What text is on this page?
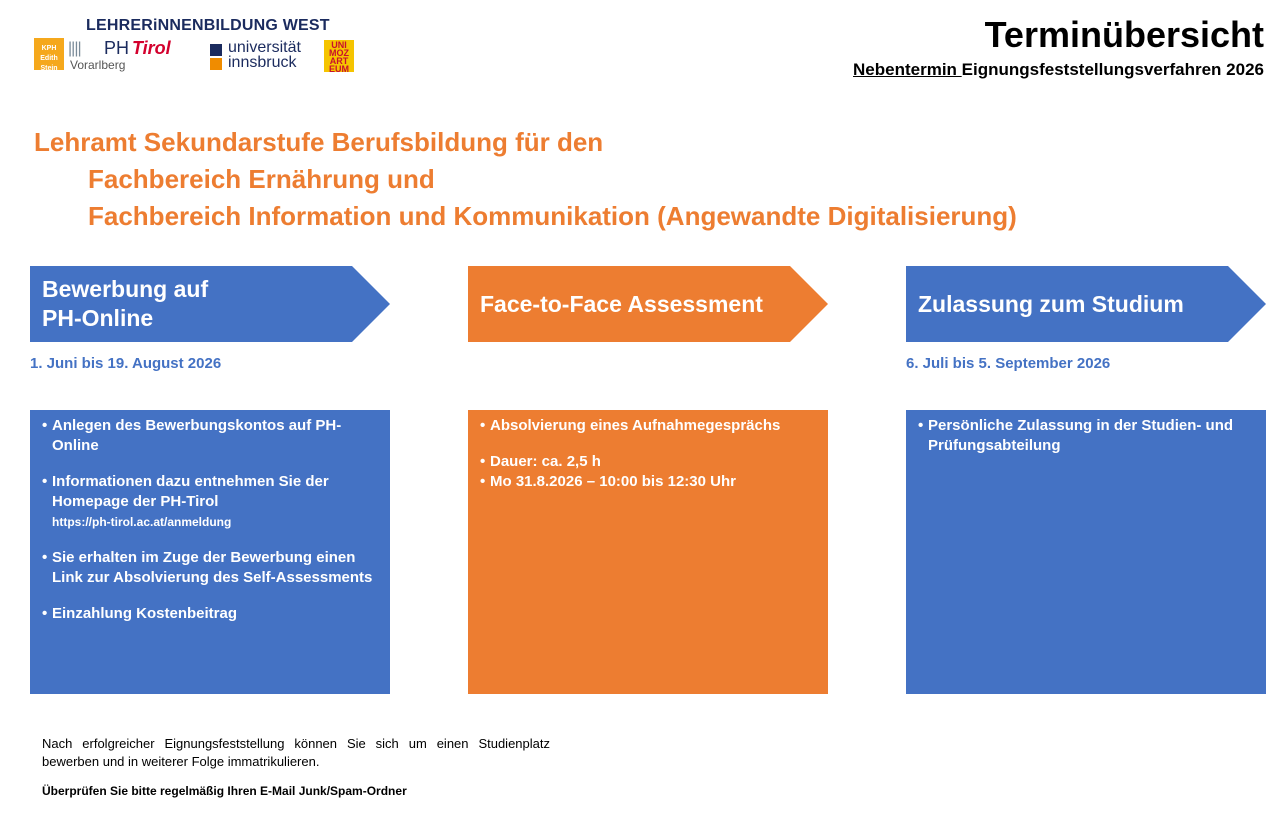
LEHRERiNNENBILDUNG WEST
KPH Edith Stein	Vorarlberg
|||| PH Tirol	universität
innsbruck
UNI MOZ ART EUM
Terminübersicht
Nebentermin Eignungsfeststellungsverfahren 2026
Lehramt Sekundarstufe Berufsbildung für den
Fachbereich Ernährung und
Fachbereich Information und Kommunikation (Angewandte Digitalisierung)
Bewerbung auf
PH-Online
Face-to-Face Assessment	Zulassung zum Studium
1. Juni bis 19. August 2026	6. Juli bis 5. September 2026
• Anlegen des Bewerbungskontos auf PH-Online
• Informationen dazu entnehmen Sie der Homepage der PH-Tirol
https://ph-tirol.ac.at/anmeldung
• Sie erhalten im Zuge der Bewerbung einen Link zur Absolvierung des Self-Assessments
• Einzahlung Kostenbeitrag
• Absolvierung eines Aufnahmegesprächs
• Dauer: ca. 2,5 h
• Mo 31.8.2026 – 10:00 bis 12:30 Uhr
• Persönliche Zulassung in der Studien- und Prüfungsabteilung
Nach erfolgreicher Eignungsfeststellung können Sie sich um einen Studienplatz bewerben und in weiterer Folge immatrikulieren.
Überprüfen Sie bitte regelmäßig Ihren E-Mail Junk/Spam-Ordner
